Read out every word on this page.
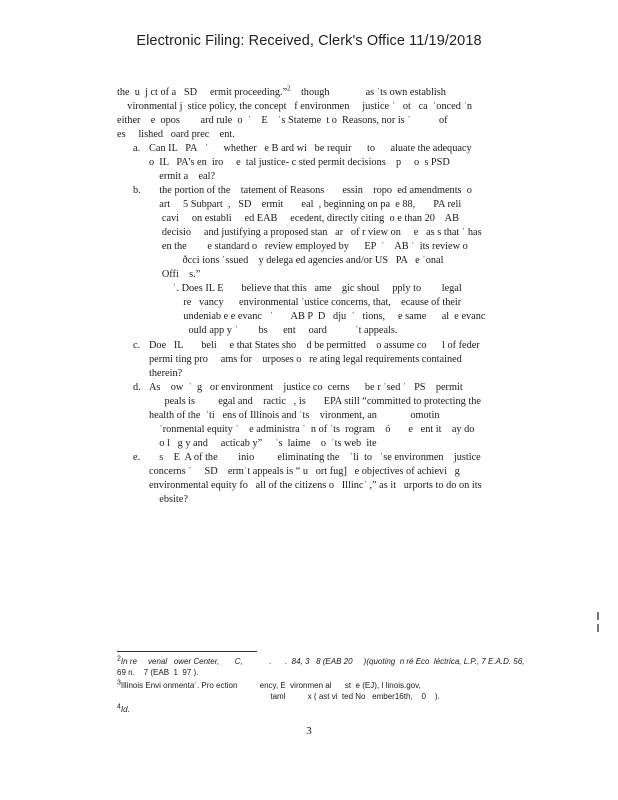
Electronic Filing: Received, Clerk's Office 11/19/2018
the  u  j ct of a   SD     ermit proceeding.”$^2$    though              as ˈts own establish
vironmental j  stice policy, the concept   f environmen     justice ˈ   ot   ca  ˈonced ˈn
either    e  opos        ard rule  o  ˈ    E    ˈs Stateme  t o  Reasons, nor is ˈ           of
es     lished   oard prec    ent.
a. Can IL   PA   ˈ      whether   e B ard wi   be requir      to      aluate the adequacy
o  IL   PA's en  iro     e  tal justice- c sted permit decisions    p     o  s PSD
ermit a    eal?
b. the portion of the    tatement of Reasons       essin    ropo  ed amendments  o
art     5 Subpart  ,   SD    ermit       eal  , beginning on pa  e 88,       PA reli
cavi     on establi     ed EAB     ecedent, directly citing  o e than 20    AB
decisio     and justifying a proposed stan   ar   of r view on     e   as s that ˈ has
en the        e standard o   review employed by      EP  ˈ    AB ˈ  its review o
ðcci ions ˈssued    y delega ed agencies and/or US   PA   e ˈonal
Offi    s.”
ˈ. Does IL E       believe that this   ame    gic shoul     pply to        legal
re   vancy      environmental ˈustice concerns, that,    ecause of their
undeniab e e evanc   ˈ       AB P  D   dju  ˈ   tions,     e same      al  e evanc
ould app y ˈ        bs      ent     oard           ˈt appeals.
c. Doe   IL       beli     e that States sho    d be permitted    o assume co      l of feder
permi ting pro     ams for    urposes o   re ating legal requirements contained
therein?
d. As    ow  ˈ  g   or environment    justice co  cerns      be r ˈsed ˈ   PS    permit
peals is         egal and    ractic   , is       EPA still “committed to protecting the
health of the  ˈti   ens of Illinois and ˈts    vironment, an             omotin
ˈronmental equity ˈ    e administra ˈ  n of ˈts  rogram    ó       e   ent it    ay do
o l   g y and     acticab y”     ˈs  laime    o  ˈts web  ite
e. s    E  A of the        inio         eliminating the    ˈli  to   ˈse environmen    justice
concerns ˈ     SD    ermˈt appeals is “ u   ort fug]   e objectives of achievi   g
environmental equity fo   all of the citizens o   Illincˈ ,” as it   urports to do on its
ebsite?
2In re     venal   ower Center,       C,            .      .  84, 3   8 (EAB 20     )(quoting  n ré Eco  léctrica, L.P., 7 E.A.D. 56,
69 n.    7 (EAB  1  97 ).
3Illinois Envi onmentaˈ. Pro ection          ency, E  vironmen al      st  e (EJ), I linois.gov,
taml          x ( ast vi  ted No   ember16th,    0    ).
4Id.
3
